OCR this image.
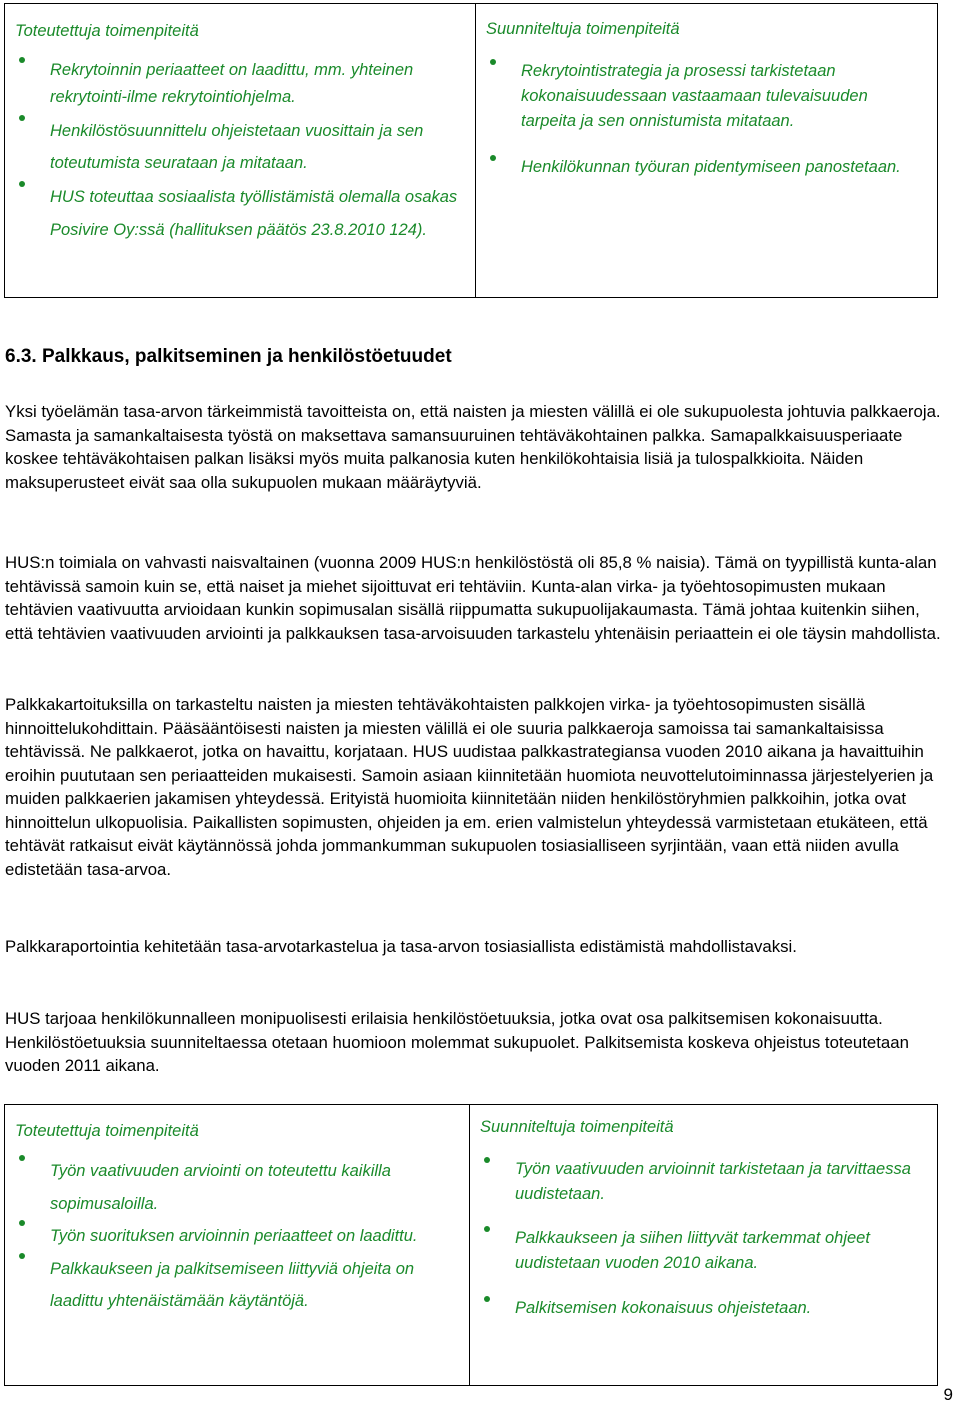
Toteutettuja toimenpiteitä
Rekrytoinnin periaatteet on laadittu, mm. yhteinen rekrytointi-ilme rekrytointiohjelma.
Henkilöstösuunnittelu ohjeistetaan vuosittain ja sen toteutumista seurataan ja mitataan.
HUS toteuttaa sosiaalista työllistämistä olemalla osakas Posivire Oy:ssä (hallituksen päätös 23.8.2010 124).
Suunniteltuja toimenpiteitä
Rekrytointistrategia ja prosessi tarkistetaan kokonaisuudessaan vastaamaan tulevaisuuden tarpeita ja sen onnistumista mitataan.
Henkilökunnan työuran pidentymiseen panostetaan.
6.3. Palkkaus, palkitseminen ja henkilöstöetuudet

Yksi työelämän tasa-arvon tärkeimmistä tavoitteista on, että naisten ja miesten välillä ei ole sukupuolesta johtuvia palkkaeroja. Samasta ja samankaltaisesta työstä on maksettava samansuuruinen tehtäväkohtainen palkka. Samapalkkaisuusperiaate koskee tehtäväkohtaisen palkan lisäksi myös muita palkanosia kuten henkilökohtaisia lisiä ja tulospalkkioita. Näiden maksuperusteet eivät saa olla sukupuolen mukaan määräytyviä.

HUS:n toimiala on vahvasti naisvaltainen (vuonna 2009 HUS:n henkilöstöstä oli 85,8 % naisia). Tämä on tyypillistä kunta-alan tehtävissä samoin kuin se, että naiset ja miehet sijoittuvat eri tehtäviin. Kunta-alan virka- ja työehtosopimusten mukaan tehtävien vaativuutta arvioidaan kunkin sopimusalan sisällä riippumatta sukupuolijakaumasta. Tämä johtaa kuitenkin siihen, että tehtävien vaativuuden arviointi ja palkkauksen tasa-arvoisuuden tarkastelu yhtenäisin periaattein ei ole täysin mahdollista.

Palkkakartoituksilla on tarkasteltu naisten ja miesten tehtäväkohtaisten palkkojen virka- ja työehtosopimusten sisällä hinnoittelukohdittain. Pääsääntöisesti naisten ja miesten välillä ei ole suuria palkkaeroja samoissa tai samankaltaisissa tehtävissä. Ne palkkaerot, jotka on havaittu, korjataan. HUS uudistaa palkkastrategiansa vuoden 2010 aikana ja havaittuihin eroihin puututaan sen periaatteiden mukaisesti. Samoin asiaan kiinnitetään huomiota neuvottelutoiminnassa järjestelyerien ja muiden palkkaerien jakamisen yhteydessä. Erityistä huomioita kiinnitetään niiden henkilöstöryhmien palkkoihin, jotka ovat hinnoittelun ulkopuolisia. Paikallisten sopimusten, ohjeiden ja em. erien valmistelun yhteydessä varmistetaan etukäteen, että tehtävät ratkaisut eivät käytännössä johda jommankumman sukupuolen tosiasialliseen syrjintään, vaan että niiden avulla edistetään tasa-arvoa.

Palkkaraportointia kehitetään tasa-arvotarkastelua ja tasa-arvon tosiasiallista edistämistä mahdollistavaksi.

HUS tarjoaa henkilökunnalleen monipuolisesti erilaisia henkilöstöetuuksia, jotka ovat osa palkitsemisen kokonaisuutta. Henkilöstöetuuksia suunniteltaessa otetaan huomioon molemmat sukupuolet. Palkitsemista koskeva ohjeistus toteutetaan vuoden 2011 aikana.

Toteutettuja toimenpiteitä
Työn vaativuuden arviointi on toteutettu kaikilla sopimusaloilla.
Työn suorituksen arvioinnin periaatteet on laadittu.
Palkkaukseen ja palkitsemiseen liittyviä ohjeita on laadittu yhtenäistämään käytäntöjä.
Suunniteltuja toimenpiteitä
Työn vaativuuden arvioinnit tarkistetaan ja tarvittaessa uudistetaan.
Palkkaukseen ja siihen liittyvät tarkemmat ohjeet uudistetaan vuoden 2010 aikana.
Palkitsemisen kokonaisuus ohjeistetaan.
9
